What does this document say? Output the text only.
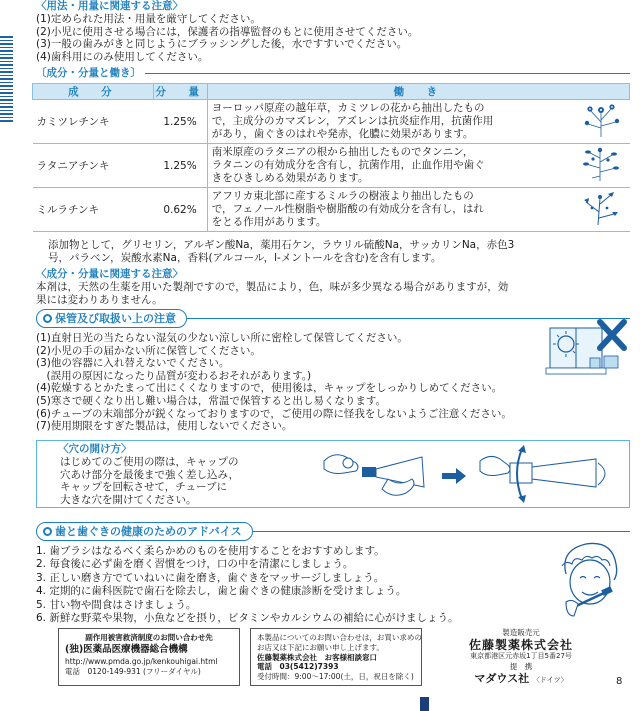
〈用法・用量に関連する注意〉
(1)定められた用法・用量を厳守してください。
(2)小児に使用させる場合には，保護者の指導監督のもとに使用させてください。
(3)一般の歯みがきと同じようにブラッシングした後，水ですすいでください。
(4)歯科用にのみ使用してください。
〔成分・分量と働き〕
成　分	分　量	働　き	
カミツレチンキ	1.25%	ヨーロッパ原産の越年草，カミツレの花から抽出したもの
で，主成分のカマズレン，アズレンは抗炎症作用，抗菌作用
があり，歯ぐきのはれや発赤，化膿に効果があります。

ラタニアチンキ	1.25%	南米原産のラタニアの根から抽出したものでタンニン，
ラタニンの有効成分を含有し，抗菌作用，止血作用や歯ぐ
きをひきしめる効果があります。

ミルラチンキ	0.62%	アフリカ東北部に産するミルラの樹液より抽出したもの
で，フェノール性樹脂や樹脂酸の有効成分を含有し，はれ
をとる作用があります。

添加物として，グリセリン，アルギン酸Na，薬用石ケン，ラウリル硫酸Na，サッカリンNa，赤色3
号，パラベン，炭酸水素Na，香料(アルコール，l-メントールを含む)を含有します。
〈成分・分量に関連する注意〉
本剤は，天然の生薬を用いた製剤ですので，製品により，色，味が多少異なる場合がありますが，効
果には変わりありません。
保管及び取扱い上の注意
(1)直射日光の当たらない湿気の少ない涼しい所に密栓して保管してください。
(2)小児の手の届かない所に保管してください。
(3)他の容器に入れ替えないでください。
　(誤用の原因になったり品質が変わるおそれがあります。)
(4)乾燥するとかたまって出にくくなりますので，使用後は，キャップをしっかりしめてください。
(5)寒さで硬くなり出し難い場合は，常温で保管すると出し易くなります。
(6)チューブの末端部分が鋭くなっておりますので，ご使用の際に怪我をしないようご注意ください。
(7)使用期限をすぎた製品は，使用しないでください。
〈穴の開け方〉
はじめてのご使用の際は，キャップの
穴あけ部分を最後まで強く差し込み，
キャップを回転させて，チューブに
大きな穴を開けてください。
歯と歯ぐきの健康のためのアドバイス
1. 歯ブラシはなるべく柔らかめのものを使用することをおすすめします。
2. 毎食後に必ず歯を磨く習慣をつけ，口の中を清潔にしましょう。
3. 正しい磨き方でていねいに歯を磨き，歯ぐきをマッサージしましょう。
4. 定期的に歯科医院で歯石を除去し，歯と歯ぐきの健康診断を受けましょう。
5. 甘い物や間食はさけましょう。
6. 新鮮な野菜や果物，小魚などを摂り，ビタミンやカルシウムの補給に心がけましょう。
副作用被害救済制度のお問い合わせ先
(独)医薬品医療機器総合機構
http://www.pmda.go.jp/kenkouhigai.html
電話　0120-149-931 (フリーダイヤル)
本製品についてのお問い合わせは，お買い求めの
お店又は下記にお願い申し上げます。
佐藤製薬株式会社　お客様相談窓口
電話　03(5412)7393
受付時間：9:00～17:00(土，日，祝日を除く)
製造販売元
佐藤製薬株式会社
東京都港区元赤坂1丁目5番27号
提　携
マダウス社 〈ドイツ〉	8
